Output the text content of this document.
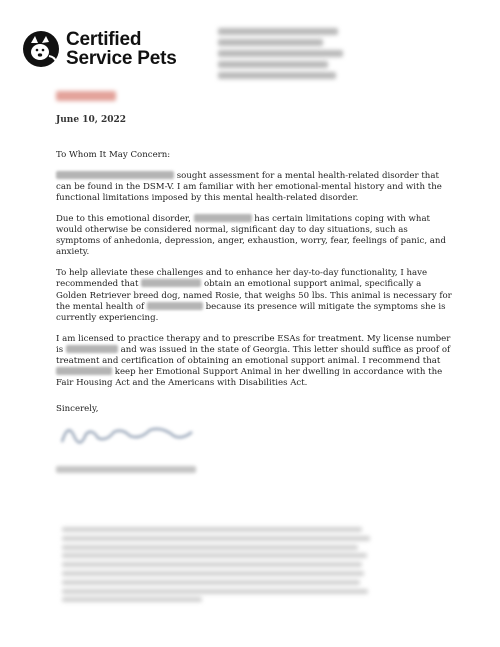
Certified
Service Pets
June 10, 2022

To Whom It May Concern:

sought assessment for a mental health-related disorder that can be found in the DSM-V. I am familiar with her emotional-mental history and with the functional limitations imposed by this mental health-related disorder.

Due to this emotional disorder,	has certain limitations coping with what would otherwise be considered normal, significant day to day situations, such as symptoms of anhedonia, depression, anger, exhaustion, worry, fear, feelings of panic, and anxiety.

To help alleviate these challenges and to enhance her day-to-day functionality, I have recommended that	obtain an emotional support animal, specifically a Golden Retriever breed dog, named Rosie, that weighs 50 lbs. This animal is necessary for the mental health of	because its presence will mitigate the symptoms she is currently experiencing.

I am licensed to practice therapy and to prescribe ESAs for treatment. My license number is	and was issued in the state of Georgia. This letter should suffice as proof of treatment and certification of obtaining an emotional support animal. I recommend that  keep her Emotional Support Animal in her dwelling in accordance with the Fair Housing Act and the Americans with Disabilities Act.

Sincerely,
